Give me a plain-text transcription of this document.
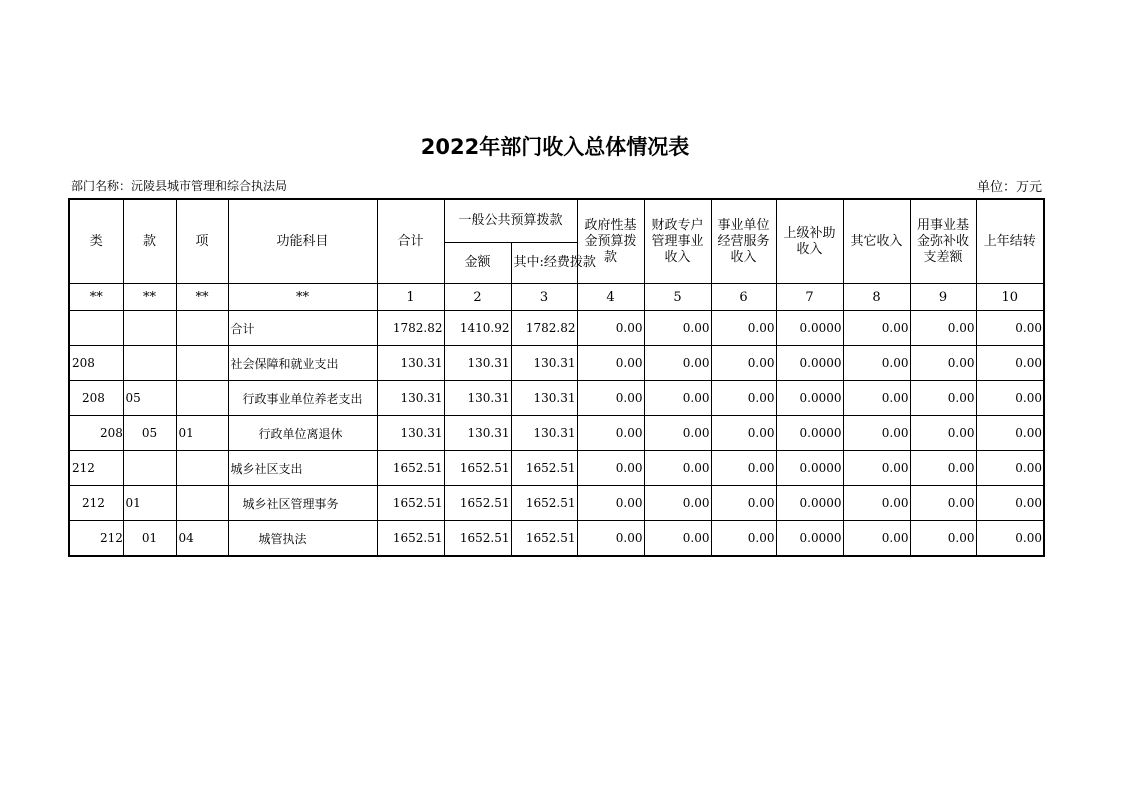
2022年部门收入总体情况表
部门名称：沅陵县城市管理和综合执法局	单位：万元
类	款	项	功能科目	合计	一般公共预算拨款		政府性基金预算拨款	财政专户管理事业收入	事业单位经营服务收入	上级补助收入	其它收入	用事业基金弥补收支差额	上年结转
					金额	其中:经费拨款							
**	**	**	**	1	2	3	4	5	6	7	8	9	10
			合计	1782.82	1410.92	1782.82	0.00	0.00	0.00	0.0000	0.00	0.00	0.00
208			社会保障和就业支出	130.31	130.31	130.31	0.00	0.00	0.00	0.0000	0.00	0.00	0.00
208	05		行政事业单位养老支出	130.31	130.31	130.31	0.00	0.00	0.00	0.0000	0.00	0.00	0.00
208	05	01	行政单位离退休	130.31	130.31	130.31	0.00	0.00	0.00	0.0000	0.00	0.00	0.00
212			城乡社区支出	1652.51	1652.51	1652.51	0.00	0.00	0.00	0.0000	0.00	0.00	0.00
212	01		城乡社区管理事务	1652.51	1652.51	1652.51	0.00	0.00	0.00	0.0000	0.00	0.00	0.00
212	01	04	城管执法	1652.51	1652.51	1652.51	0.00	0.00	0.00	0.0000	0.00	0.00	0.00
